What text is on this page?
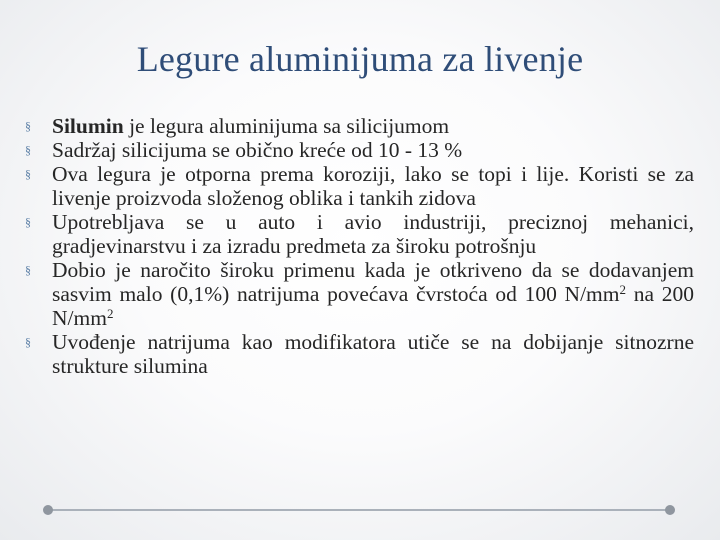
Legure aluminijuma za livenje
§
Silumin je legura aluminijuma sa silicijumom
§
Sadržaj silicijuma se obično kreće od 10 - 13 %
§
Ova legura je otporna prema koroziji, lako se topi i lije. Koristi se za livenje proizvoda složenog oblika i tankih zidova
§
Upotrebljava se u auto i avio industriji, preciznoj mehanici, gradjevinarstvu i za izradu predmeta za široku potrošnju
§
Dobio je naročito široku primenu kada je otkriveno da se dodavanjem sasvim malo (0,1%) natrijuma povećava čvrstoća od 100 $N/mm^2$ na 200 $N/mm^2$
§
Uvođenje natrijuma kao modifikatora utiče se na dobijanje sitnozrne strukture silumina
